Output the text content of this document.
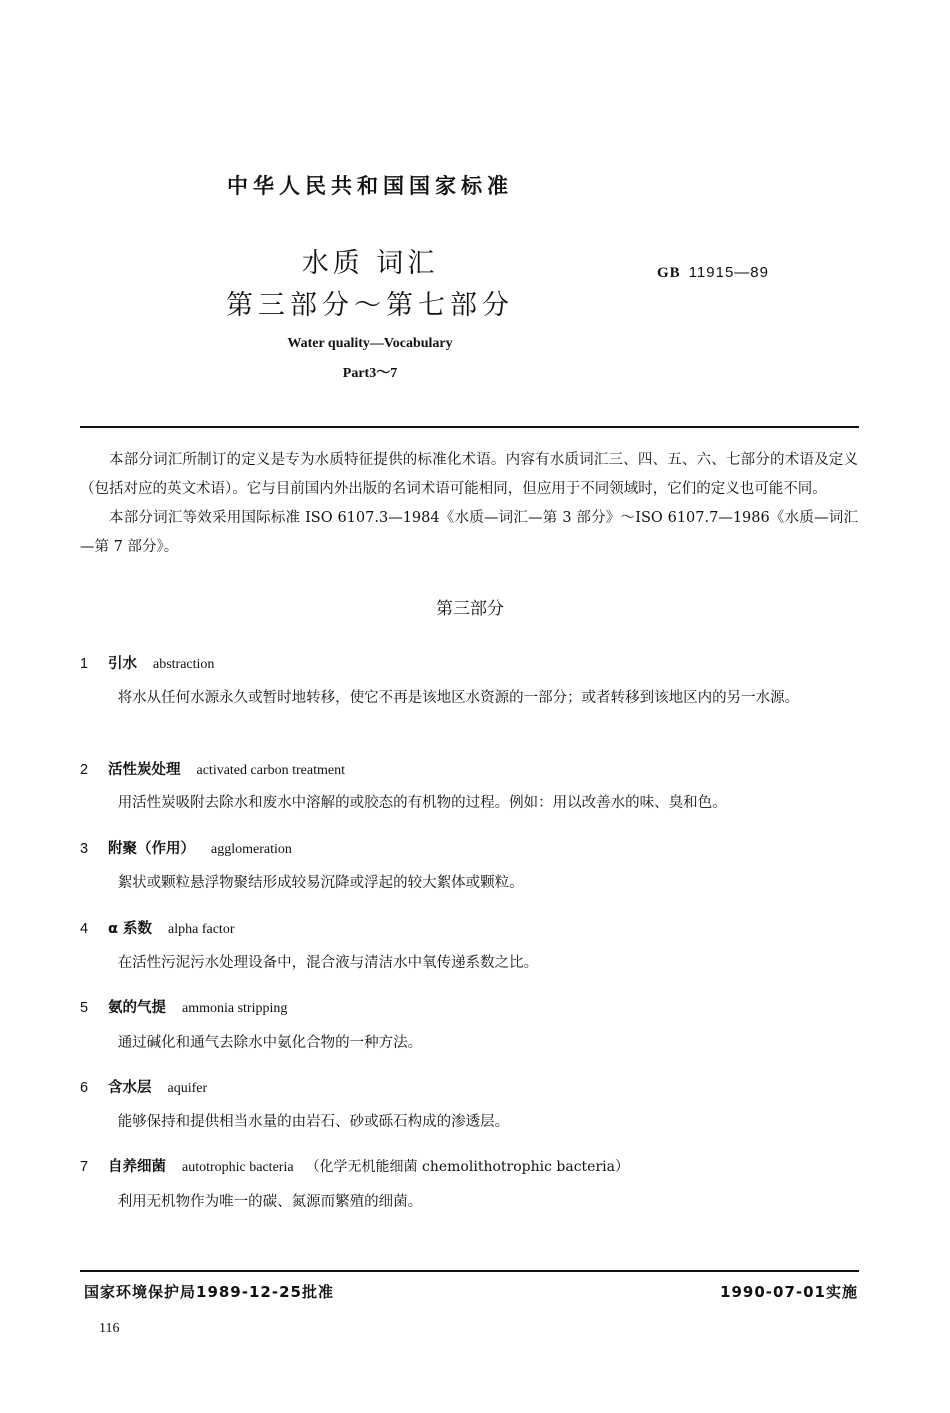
中华人民共和国国家标准
水质 词汇
第三部分～第七部分
GB 11915—89
Water quality—Vocabulary
Part3～7

本部分词汇所制订的定义是专为水质特征提供的标准化术语。内容有水质词汇三、四、五、六、七部分的术语及定义（包括对应的英文术语）。它与目前国内外出版的名词术语可能相同，但应用于不同领域时，它们的定义也可能不同。

本部分词汇等效采用国际标准 ISO 6107.3—1984《水质—词汇—第 3 部分》～ISO 6107.7—1986《水质—词汇—第 7 部分》。

第三部分
1 引水 abstraction
将水从任何水源永久或暂时地转移，使它不再是该地区水资源的一部分；或者转移到该地区内的另一水源。
2 活性炭处理 activated carbon treatment
用活性炭吸附去除水和废水中溶解的或胶态的有机物的过程。例如：用以改善水的味、臭和色。
3 附聚（作用） agglomeration
絮状或颗粒悬浮物聚结形成较易沉降或浮起的较大絮体或颗粒。
4 α 系数 alpha factor
在活性污泥污水处理设备中，混合液与清洁水中氧传递系数之比。
5 氨的气提 ammonia stripping
通过碱化和通气去除水中氨化合物的一种方法。
6 含水层 aquifer
能够保持和提供相当水量的由岩石、砂或砾石构成的渗透层。
7 自养细菌 autotrophic bacteria （化学无机能细菌 chemolithotrophic bacteria）
利用无机物作为唯一的碳、氮源而繁殖的细菌。
国家环境保护局1989-12-25批准	1990-07-01实施
116
